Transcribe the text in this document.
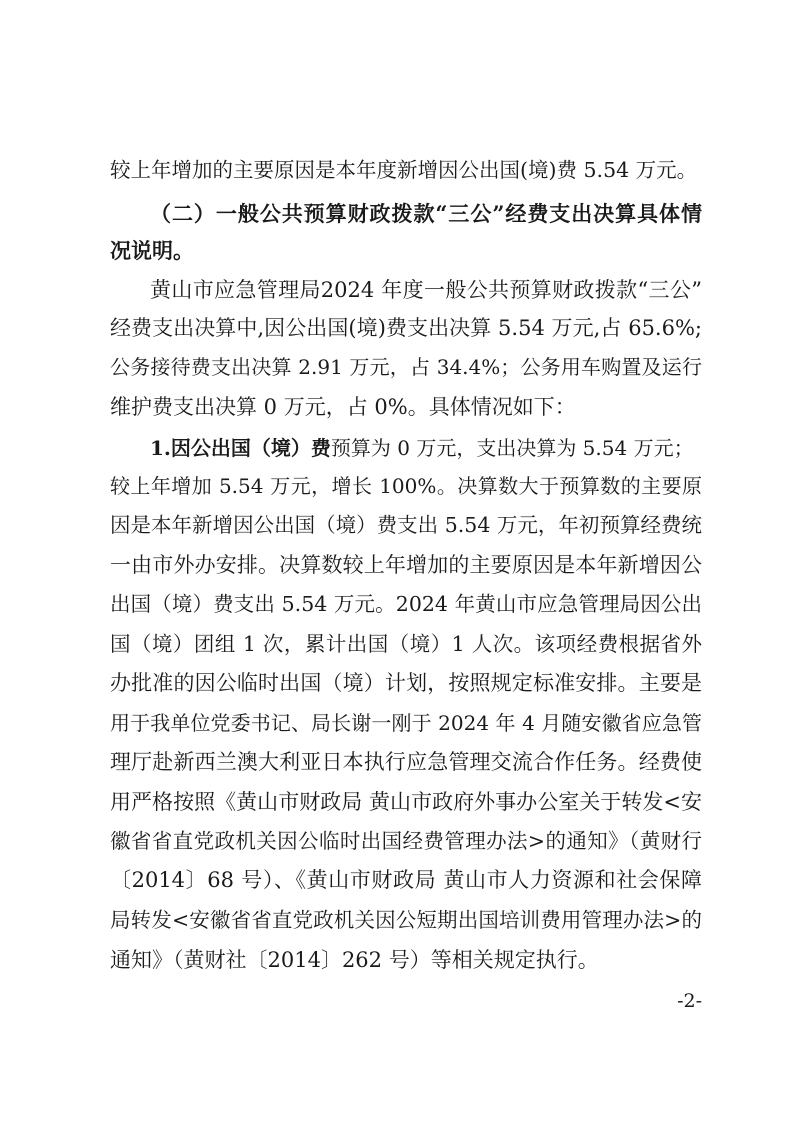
较上年增加的主要原因是本年度新增因公出国(境)费 5.54 万元。
（二）一般公共预算财政拨款“三公”经费支出决算具体情
况说明。
黄山市应急管理局2024 年度一般公共预算财政拨款“三公”
经费支出决算中,因公出国(境)费支出决算 5.54 万元,占 65.6%;
公务接待费支出决算 2.91 万元，占 34.4%；公务用车购置及运行
维护费支出决算 0 万元，占 0%。具体情况如下：
1.因公出国（境）费预算为 0 万元，支出决算为 5.54 万元；
较上年增加 5.54 万元，增长 100%。决算数大于预算数的主要原
因是本年新增因公出国（境）费支出 5.54 万元，年初预算经费统
一由市外办安排。决算数较上年增加的主要原因是本年新增因公
出国（境）费支出 5.54 万元。2024 年黄山市应急管理局因公出
国（境）团组 1 次，累计出国（境）1 人次。该项经费根据省外
办批准的因公临时出国（境）计划，按照规定标准安排。主要是
用于我单位党委书记、局长谢一刚于 2024 年 4 月随安徽省应急管
理厅赴新西兰澳大利亚日本执行应急管理交流合作任务。经费使
用严格按照《黄山市财政局 黄山市政府外事办公室关于转发<安
徽省省直党政机关因公临时出国经费管理办法>的通知》（黄财行
〔2014〕68 号）、《黄山市财政局 黄山市人力资源和社会保障
局转发<安徽省省直党政机关因公短期出国培训费用管理办法>的
通知》（黄财社〔2014〕262 号）等相关规定执行。
-2-
